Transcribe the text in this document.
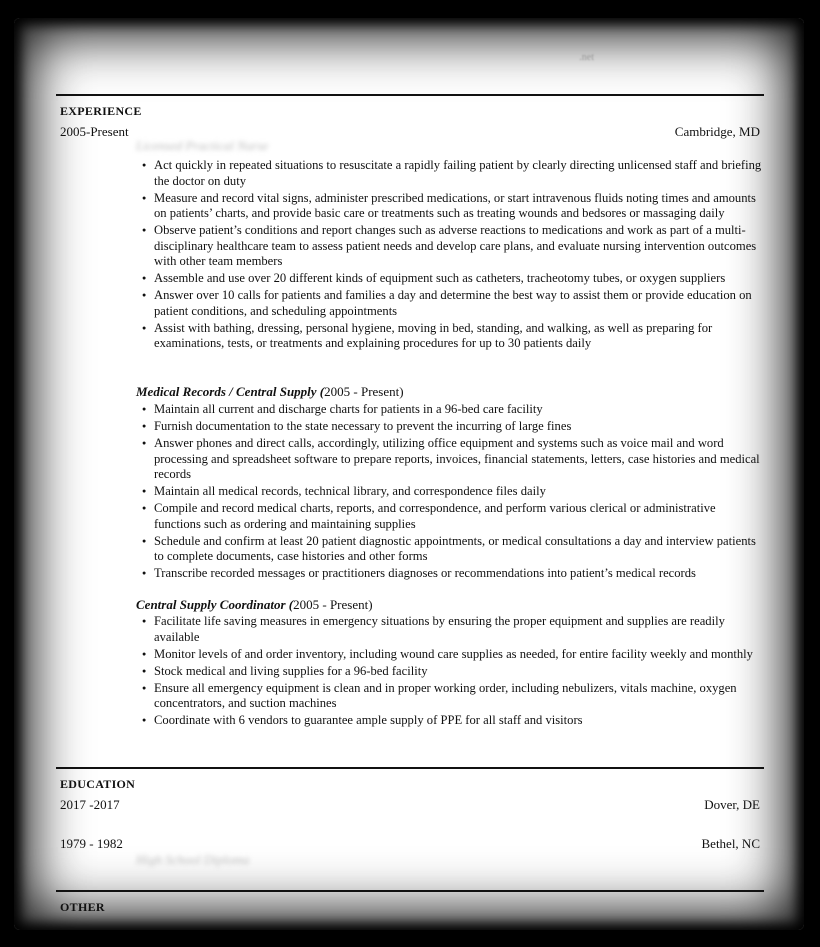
.net
EXPERIENCE
2005-Present	Cambridge, MD
Licensed Practical Nurse
● Act quickly in repeated situations to resuscitate a rapidly failing patient by clearly directing unlicensed staff and briefing the doctor on duty
● Measure and record vital signs, administer prescribed medications, or start intravenous fluids noting times and amounts on patients’ charts, and provide basic care or treatments such as treating wounds and bedsores or massaging daily
● Observe patient’s conditions and report changes such as adverse reactions to medications and work as part of a multi-disciplinary healthcare team to assess patient needs and develop care plans, and evaluate nursing intervention outcomes with other team members
● Assemble and use over 20 different kinds of equipment such as catheters, tracheotomy tubes, or oxygen suppliers
● Answer over 10 calls for patients and families a day and determine the best way to assist them or provide education on patient conditions, and scheduling appointments
● Assist with bathing, dressing, personal hygiene, moving in bed, standing, and walking, as well as preparing for examinations, tests, or treatments and explaining procedures for up to 30 patients daily
Medical Records / Central Supply (2005 - Present)
● Maintain all current and discharge charts for patients in a 96-bed care facility
● Furnish documentation to the state necessary to prevent the incurring of large fines
● Answer phones and direct calls, accordingly, utilizing office equipment and systems such as voice mail and word processing and spreadsheet software to prepare reports, invoices, financial statements, letters, case histories and medical records
● Maintain all medical records, technical library, and correspondence files daily
● Compile and record medical charts, reports, and correspondence, and perform various clerical or administrative functions such as ordering and maintaining supplies
● Schedule and confirm at least 20 patient diagnostic appointments, or medical consultations a day and interview patients to complete documents, case histories and other forms
● Transcribe recorded messages or practitioners diagnoses or recommendations into patient’s medical records
Central Supply Coordinator (2005 - Present)
● Facilitate life saving measures in emergency situations by ensuring the proper equipment and supplies are readily available
● Monitor levels of and order inventory, including wound care supplies as needed, for entire facility weekly and monthly
● Stock medical and living supplies for a 96-bed facility
● Ensure all emergency equipment is clean and in proper working order, including nebulizers, vitals machine, oxygen concentrators, and suction machines
● Coordinate with 6 vendors to guarantee ample supply of PPE for all staff and visitors
EDUCATION
2017 -2017	Dover, DE
1979 - 1982	Bethel, NC
High School Diploma
OTHER
